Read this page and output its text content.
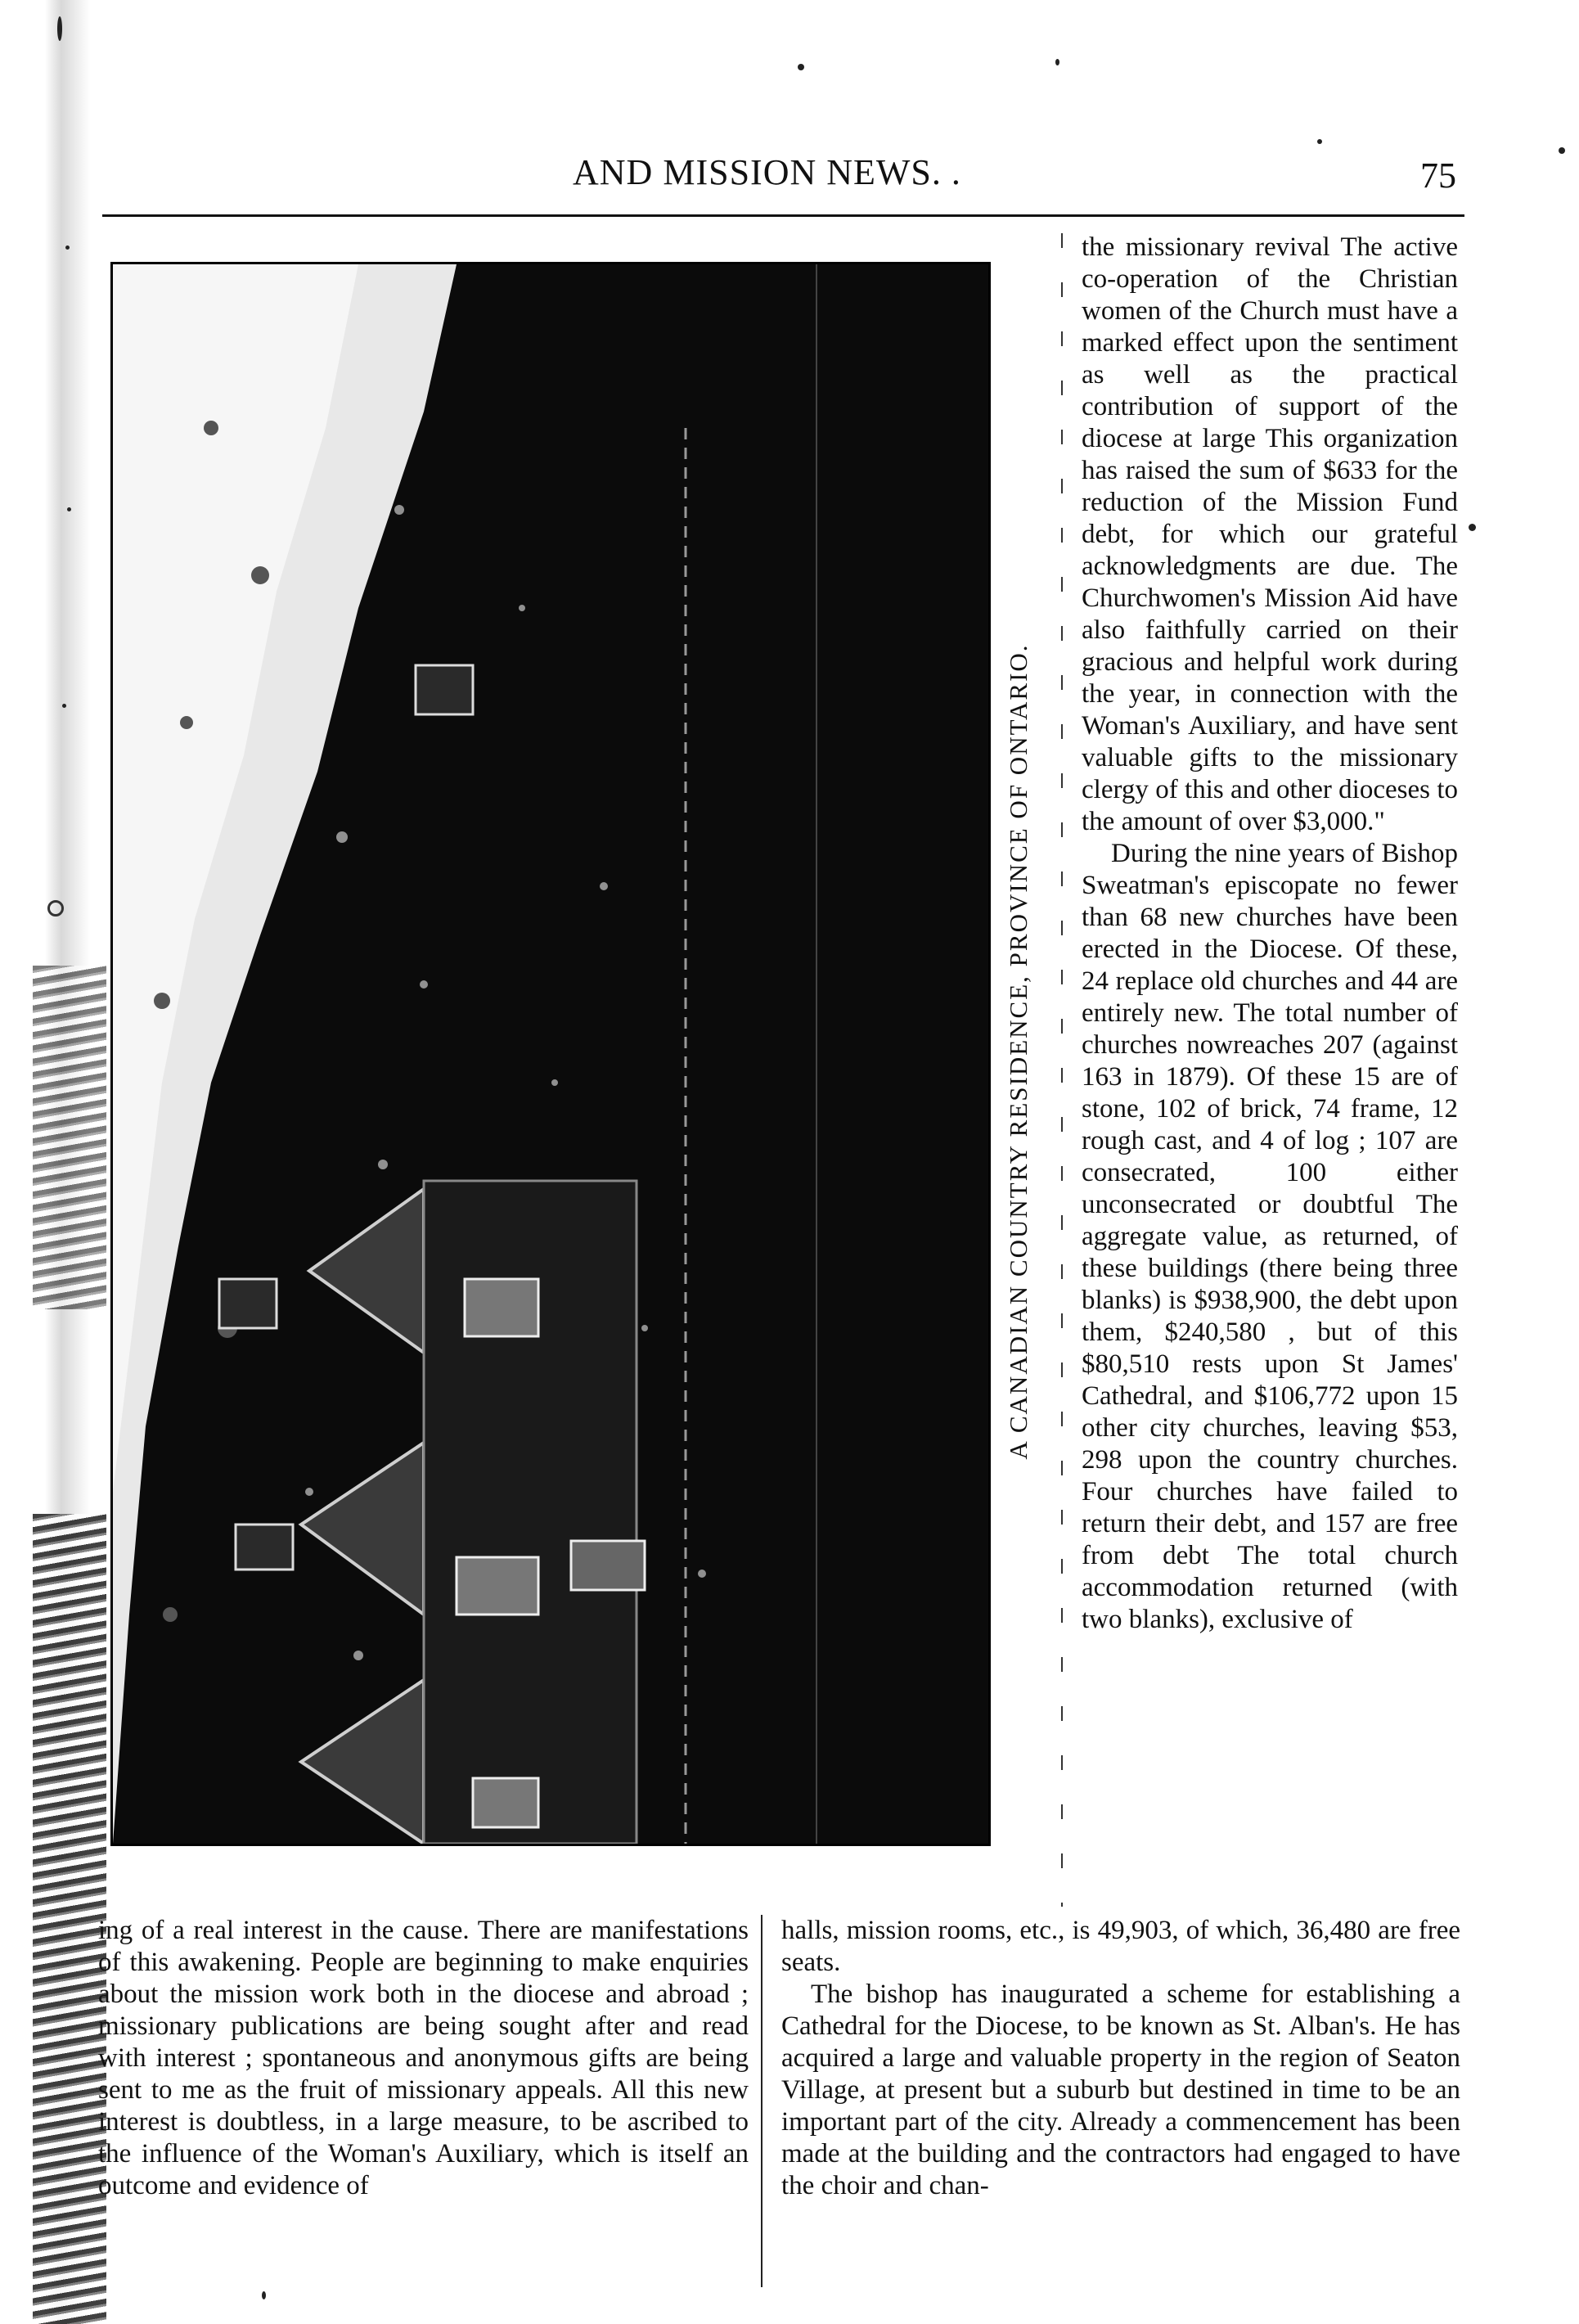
AND MISSION NEWS. .	75
A CANADIAN COUNTRY RESIDENCE, PROVINCE OF ONTARIO.

the missionary revival The active co-operation of the Christian women of the Church must have a marked effect upon the sentiment as well as the practical contribution of support of the diocese at large This organization has raised the sum of $633 for the reduction of the Mission Fund debt, for which our grateful acknowledgments are due. The Churchwomen's Mission Aid have also faithfully carried on their gracious and helpful work during the year, in connection with the Woman's Auxiliary, and have sent valuable gifts to the missionary clergy of this and other dioceses to the amount of over $3,000."

During the nine years of Bishop Sweatman's episcopate no fewer than 68 new churches have been erected in the Diocese. Of these, 24 replace old churches and 44 are entirely new. The total number of churches nowreaches 207 (against 163 in 1879). Of these 15 are of stone, 102 of brick, 74 frame, 12 rough cast, and 4 of log ; 107 are consecrated, 100 either unconsecrated or doubtful The aggregate value, as returned, of these buildings (there being three blanks) is $938,900, the debt upon them, $240,580 , but of this $80,510 rests upon St James' Cathedral, and $106,772 upon 15 other city churches, leaving $53, 298 upon the country churches. Four churches have failed to return their debt, and 157 are free from debt The total church accommodation returned (with two blanks), exclusive of

ing of a real interest in the cause. There are manifestations of this awakening. People are beginning to make enquiries about the mission work both in the diocese and abroad ; missionary publications are being sought after and read with interest ; spontaneous and anonymous gifts are being sent to me as the fruit of missionary appeals. All this new interest is doubtless, in a large measure, to be ascribed to the influence of the Woman's Auxiliary, which is itself an outcome and evidence of

halls, mission rooms, etc., is 49,903, of which, 36,480 are free seats.

The bishop has inaugurated a scheme for establishing a Cathedral for the Diocese, to be known as St. Alban's. He has acquired a large and valuable property in the region of Seaton Village, at present but a suburb but destined in time to be an important part of the city. Already a commencement has been made at the building and the contractors had engaged to have the choir and chan-
